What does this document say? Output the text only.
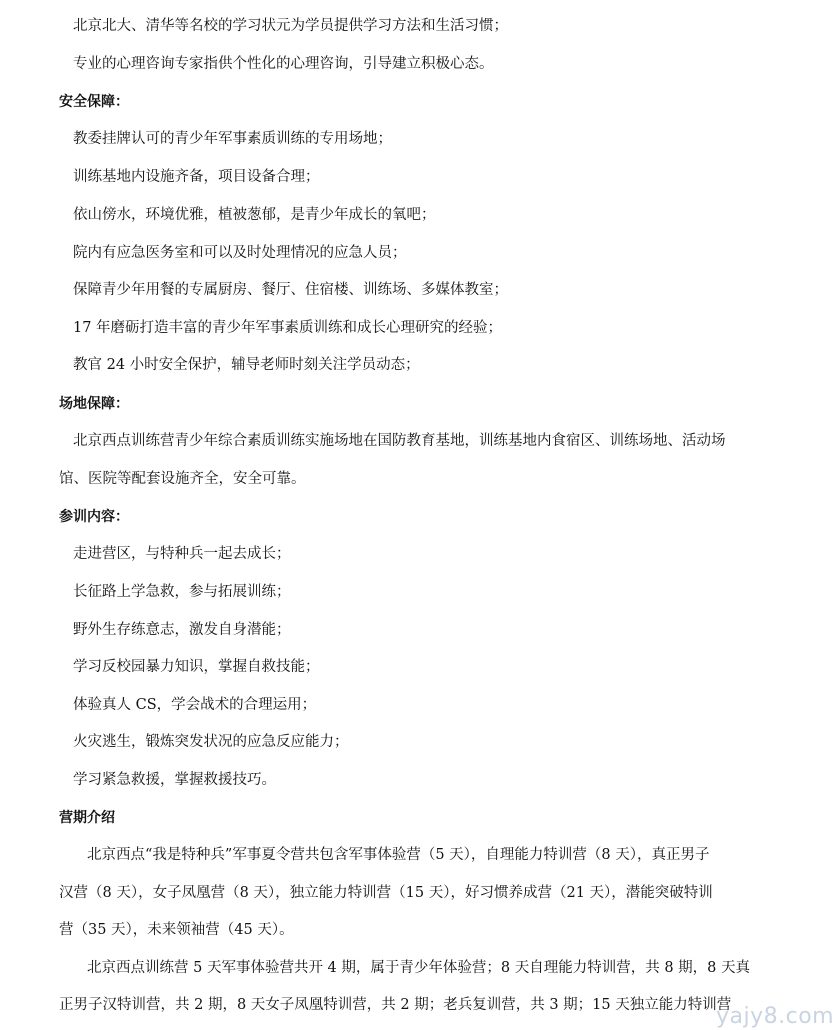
北京北大、清华等名校的学习状元为学员提供学习方法和生活习惯；
专业的心理咨询专家指供个性化的心理咨询，引导建立积极心态。
安全保障：
教委挂牌认可的青少年军事素质训练的专用场地；
训练基地内设施齐备，项目设备合理；
依山傍水，环境优雅，植被葱郁，是青少年成长的氧吧；
院内有应急医务室和可以及时处理情况的应急人员；
保障青少年用餐的专属厨房、餐厅、住宿楼、训练场、多媒体教室；
17 年磨砺打造丰富的青少年军事素质训练和成长心理研究的经验；
教官 24 小时安全保护，辅导老师时刻关注学员动态；
场地保障：
北京西点训练营青少年综合素质训练实施场地在国防教育基地，训练基地内食宿区、训练场地、活动场
馆、医院等配套设施齐全，安全可靠。
参训内容：
走进营区，与特种兵一起去成长；
长征路上学急救，参与拓展训练；
野外生存练意志，激发自身潜能；
学习反校园暴力知识，掌握自救技能；
体验真人 CS，学会战术的合理运用；
火灾逃生，锻炼突发状况的应急反应能力；
学习紧急救援，掌握救援技巧。
营期介绍
北京西点“我是特种兵”军事夏令营共包含军事体验营（5 天），自理能力特训营（8 天），真正男子
汉营（8 天），女子凤凰营（8 天），独立能力特训营（15 天），好习惯养成营（21 天），潜能突破特训
营（35 天），未来领袖营（45 天）。
北京西点训练营 5 天军事体验营共开 4 期，属于青少年体验营；8 天自理能力特训营，共 8 期，8 天真
正男子汉特训营，共 2 期，8 天女子凤凰特训营，共 2 期；老兵复训营，共 3 期；15 天独立能力特训营
yajy8.com
